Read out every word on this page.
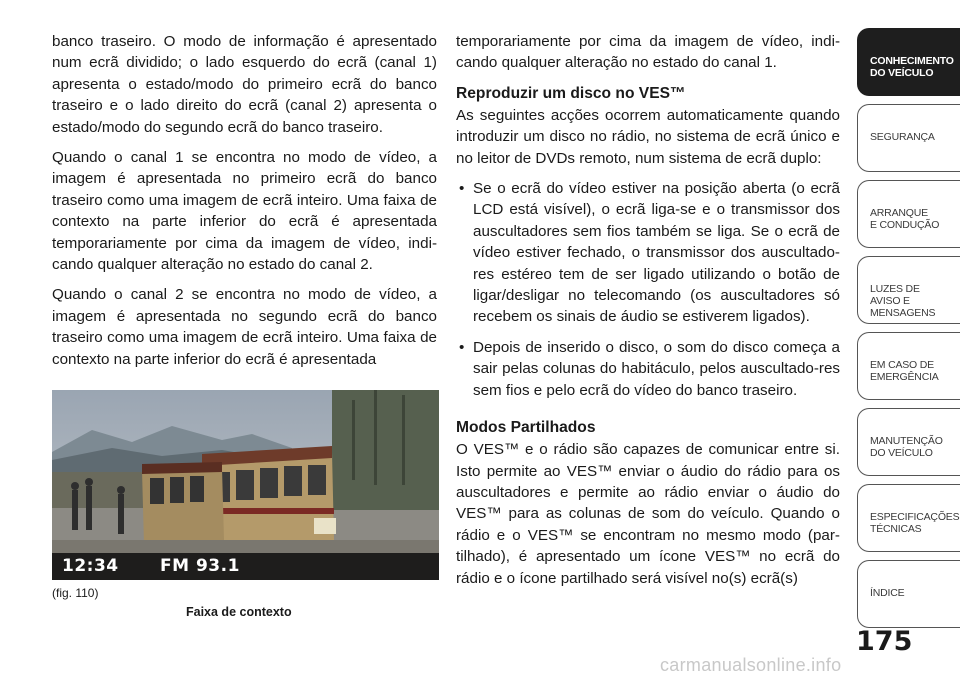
banco traseiro. O modo de informação é apresentado num ecrã dividido; o lado esquerdo do ecrã (canal 1) apresenta o estado/modo do primeiro ecrã do banco traseiro e o lado direito do ecrã (canal 2) apresenta o estado/modo do segundo ecrã do banco traseiro.

Quando o canal 1 se encontra no modo de vídeo, a imagem é apresentada no primeiro ecrã do banco traseiro como uma imagem de ecrã inteiro. Uma faixa de contexto na parte inferior do ecrã é apresentada temporariamente por cima da imagem de vídeo, indi-cando qualquer alteração no estado do canal 2.

Quando o canal 2 se encontra no modo de vídeo, a imagem é apresentada no segundo ecrã do banco traseiro como uma imagem de ecrã inteiro. Uma faixa de contexto na parte inferior do ecrã é apresentada

12:34 FM 93.1
(fig. 110)
Faixa de contexto

temporariamente por cima da imagem de vídeo, indi-cando qualquer alteração no estado do canal 1.

Reproduzir um disco no VES™

As seguintes acções ocorrem automaticamente quando introduzir um disco no rádio, no sistema de ecrã único e no leitor de DVDs remoto, num sistema de ecrã duplo:

• Se o ecrã do vídeo estiver na posição aberta (o ecrã LCD está visível), o ecrã liga-se e o transmissor dos auscultadores sem fios também se liga. Se o ecrã de vídeo estiver fechado, o transmissor dos auscultado-res estéreo tem de ser ligado utilizando o botão de ligar/desligar no telecomando (os auscultadores só recebem os sinais de áudio se estiverem ligados).
• Depois de inserido o disco, o som do disco começa a sair pelas colunas do habitáculo, pelos auscultado-res sem fios e pelo ecrã do vídeo do banco traseiro.
Modos Partilhados

O VES™ e o rádio são capazes de comunicar entre si. Isto permite ao VES™ enviar o áudio do rádio para os auscultadores e permite ao rádio enviar o áudio do VES™ para as colunas de som do veículo. Quando o rádio e o VES™ se encontram no mesmo modo (par-tilhado), é apresentado um ícone VES™ no ecrã do rádio e o ícone partilhado será visível no(s) ecrã(s)

CONHECIMENTO
DO VEÍCULO
SEGURANÇA
ARRANQUE
E CONDUÇÃO
LUZES DE
AVISO E
MENSAGENS
EM CASO DE
EMERGÊNCIA
MANUTENÇÃO
DO VEÍCULO
ESPECIFICAÇÕES
TÉCNICAS
ÍNDICE
175
carmanualsonline.info
